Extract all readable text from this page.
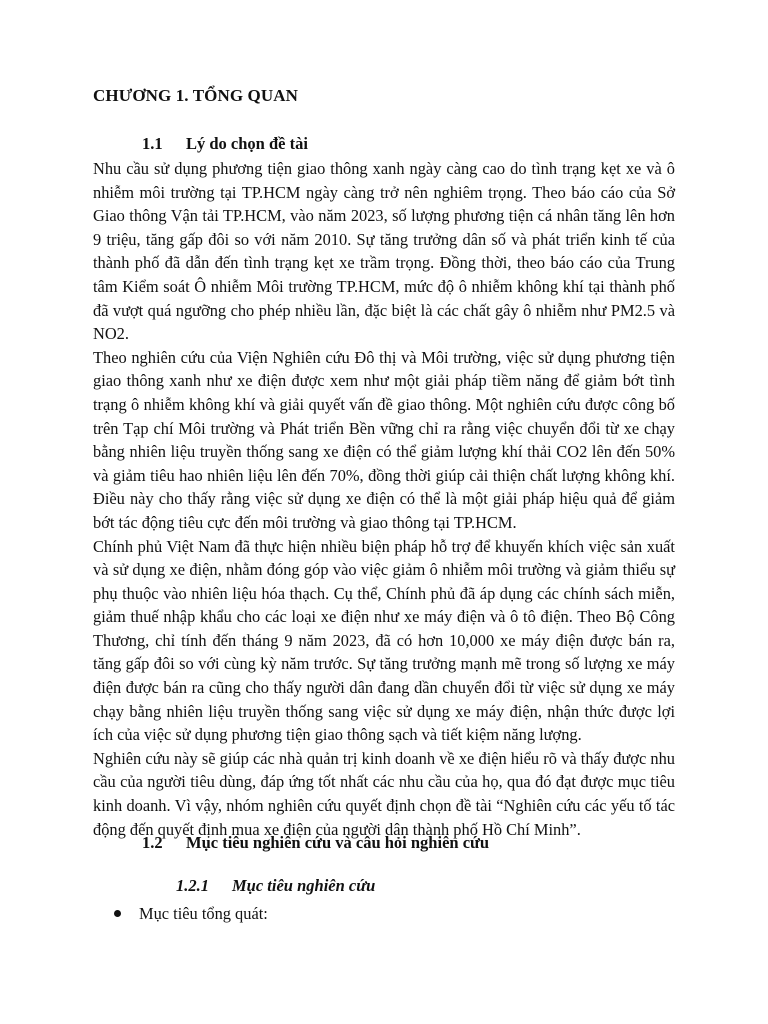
CHƯƠNG 1. TỔNG QUAN
1.1 Lý do chọn đề tài

Nhu cầu sử dụng phương tiện giao thông xanh ngày càng cao do tình trạng kẹt xe và ô nhiễm môi trường tại TP.HCM ngày càng trở nên nghiêm trọng. Theo báo cáo của Sở Giao thông Vận tải TP.HCM, vào năm 2023, số lượng phương tiện cá nhân tăng lên hơn 9 triệu, tăng gấp đôi so với năm 2010. Sự tăng trưởng dân số và phát triển kinh tế của thành phố đã dẫn đến tình trạng kẹt xe trầm trọng. Đồng thời, theo báo cáo của Trung tâm Kiểm soát Ô nhiễm Môi trường TP.HCM, mức độ ô nhiễm không khí tại thành phố đã vượt quá ngưỡng cho phép nhiều lần, đặc biệt là các chất gây ô nhiễm như PM2.5 và NO2.

Theo nghiên cứu của Viện Nghiên cứu Đô thị và Môi trường, việc sử dụng phương tiện giao thông xanh như xe điện được xem như một giải pháp tiềm năng để giảm bớt tình trạng ô nhiễm không khí và giải quyết vấn đề giao thông. Một nghiên cứu được công bố trên Tạp chí Môi trường và Phát triển Bền vững chỉ ra rằng việc chuyển đổi từ xe chạy bằng nhiên liệu truyền thống sang xe điện có thể giảm lượng khí thải CO2 lên đến 50% và giảm tiêu hao nhiên liệu lên đến 70%, đồng thời giúp cải thiện chất lượng không khí. Điều này cho thấy rằng việc sử dụng xe điện có thể là một giải pháp hiệu quả để giảm bớt tác động tiêu cực đến môi trường và giao thông tại TP.HCM.

Chính phủ Việt Nam đã thực hiện nhiều biện pháp hỗ trợ để khuyến khích việc sản xuất và sử dụng xe điện, nhằm đóng góp vào việc giảm ô nhiễm môi trường và giảm thiểu sự phụ thuộc vào nhiên liệu hóa thạch. Cụ thể, Chính phủ đã áp dụng các chính sách miễn, giảm thuế nhập khẩu cho các loại xe điện như xe máy điện và ô tô điện. Theo Bộ Công Thương, chỉ tính đến tháng 9 năm 2023, đã có hơn 10,000 xe máy điện được bán ra, tăng gấp đôi so với cùng kỳ năm trước. Sự tăng trưởng mạnh mẽ trong số lượng xe máy điện được bán ra cũng cho thấy người dân đang dần chuyển đổi từ việc sử dụng xe máy chạy bằng nhiên liệu truyền thống sang việc sử dụng xe máy điện, nhận thức được lợi ích của việc sử dụng phương tiện giao thông sạch và tiết kiệm năng lượng.

Nghiên cứu này sẽ giúp các nhà quản trị kinh doanh về xe điện hiểu rõ và thấy được nhu cầu của người tiêu dùng, đáp ứng tốt nhất các nhu cầu của họ, qua đó đạt được mục tiêu kinh doanh. Vì vậy, nhóm nghiên cứu quyết định chọn đề tài “Nghiên cứu các yếu tố tác động đến quyết định mua xe điện của người dân thành phố Hồ Chí Minh”.

1.2 Mục tiêu nghiên cứu và câu hỏi nghiên cứu
1.2.1 Mục tiêu nghiên cứu
Mục tiêu tổng quát:
